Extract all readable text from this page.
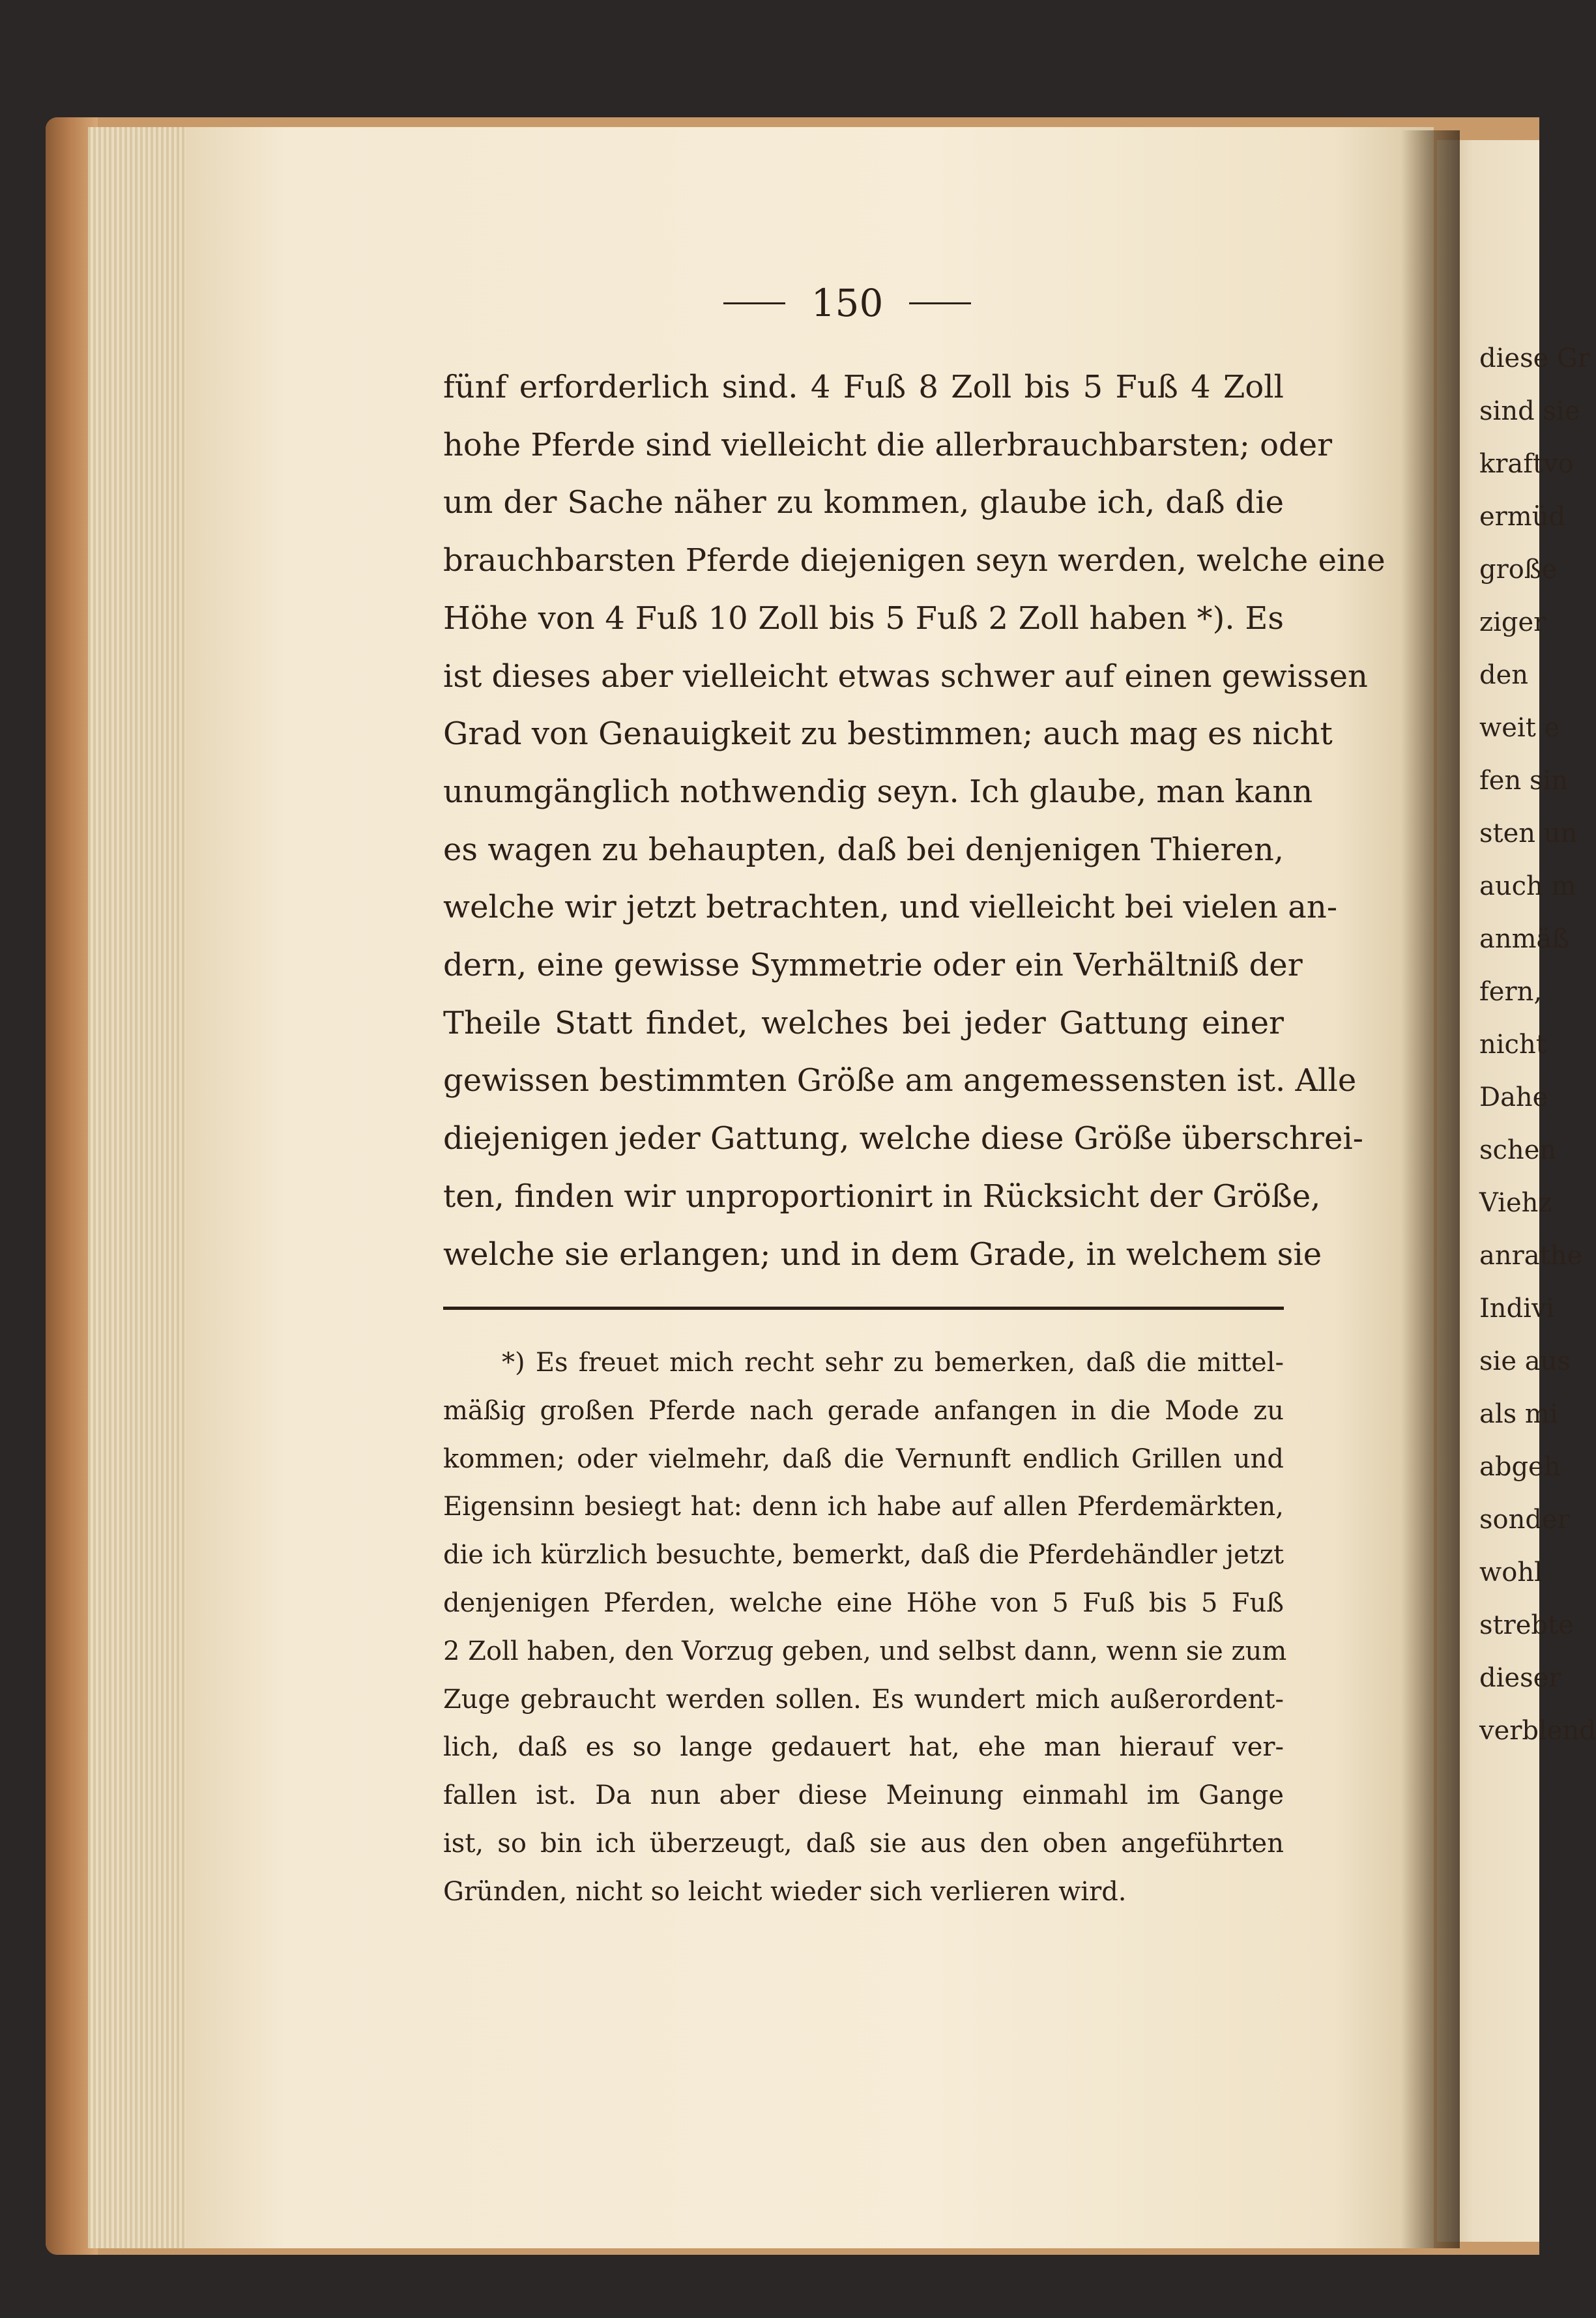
150
fünf erforderlich sind. 4 Fuß 8 Zoll bis 5 Fuß 4 Zoll
hohe Pferde sind vielleicht die allerbrauchbarsten; oder
um der Sache näher zu kommen, glaube ich, daß die
brauchbarsten Pferde diejenigen seyn werden, welche eine
Höhe von 4 Fuß 10 Zoll bis 5 Fuß 2 Zoll haben *). Es
ist dieses aber vielleicht etwas schwer auf einen gewissen
Grad von Genauigkeit zu bestimmen; auch mag es nicht
unumgänglich nothwendig seyn. Ich glaube, man kann
es wagen zu behaupten, daß bei denjenigen Thieren,
welche wir jetzt betrachten, und vielleicht bei vielen an-
dern, eine gewisse Symmetrie oder ein Verhältniß der
Theile Statt findet, welches bei jeder Gattung einer
gewissen bestimmten Größe am angemessensten ist. Alle
diejenigen jeder Gattung, welche diese Größe überschrei-
ten, finden wir unproportionirt in Rücksicht der Größe,
welche sie erlangen; und in dem Grade, in welchem sie
*) Es freuet mich recht sehr zu bemerken, daß die mittel-
mäßig großen Pferde nach gerade anfangen in die Mode zu
kommen; oder vielmehr, daß die Vernunft endlich Grillen und
Eigensinn besiegt hat: denn ich habe auf allen Pferdemärkten,
die ich kürzlich besuchte, bemerkt, daß die Pferdehändler jetzt
denjenigen Pferden, welche eine Höhe von 5 Fuß bis 5 Fuß
2 Zoll haben, den Vorzug geben, und selbst dann, wenn sie zum
Zuge gebraucht werden sollen. Es wundert mich außerordent-
lich, daß es so lange gedauert hat, ehe man hierauf ver-
fallen ist. Da nun aber diese Meinung einmahl im Gange
ist, so bin ich überzeugt, daß sie aus den oben angeführten
Gründen, nicht so leicht wieder sich verlieren wird.
diese Gr
sind sie
kraftvo
ermüd
große
ziger
den
weit e
fen sin
sten un
auch m
anmäß
fern,
nicht
Dahe
schen
Viehz
anrathe
Indivi
sie aus
als mi
abgeh
sonder
wohl
strebte
dieser
verblend
